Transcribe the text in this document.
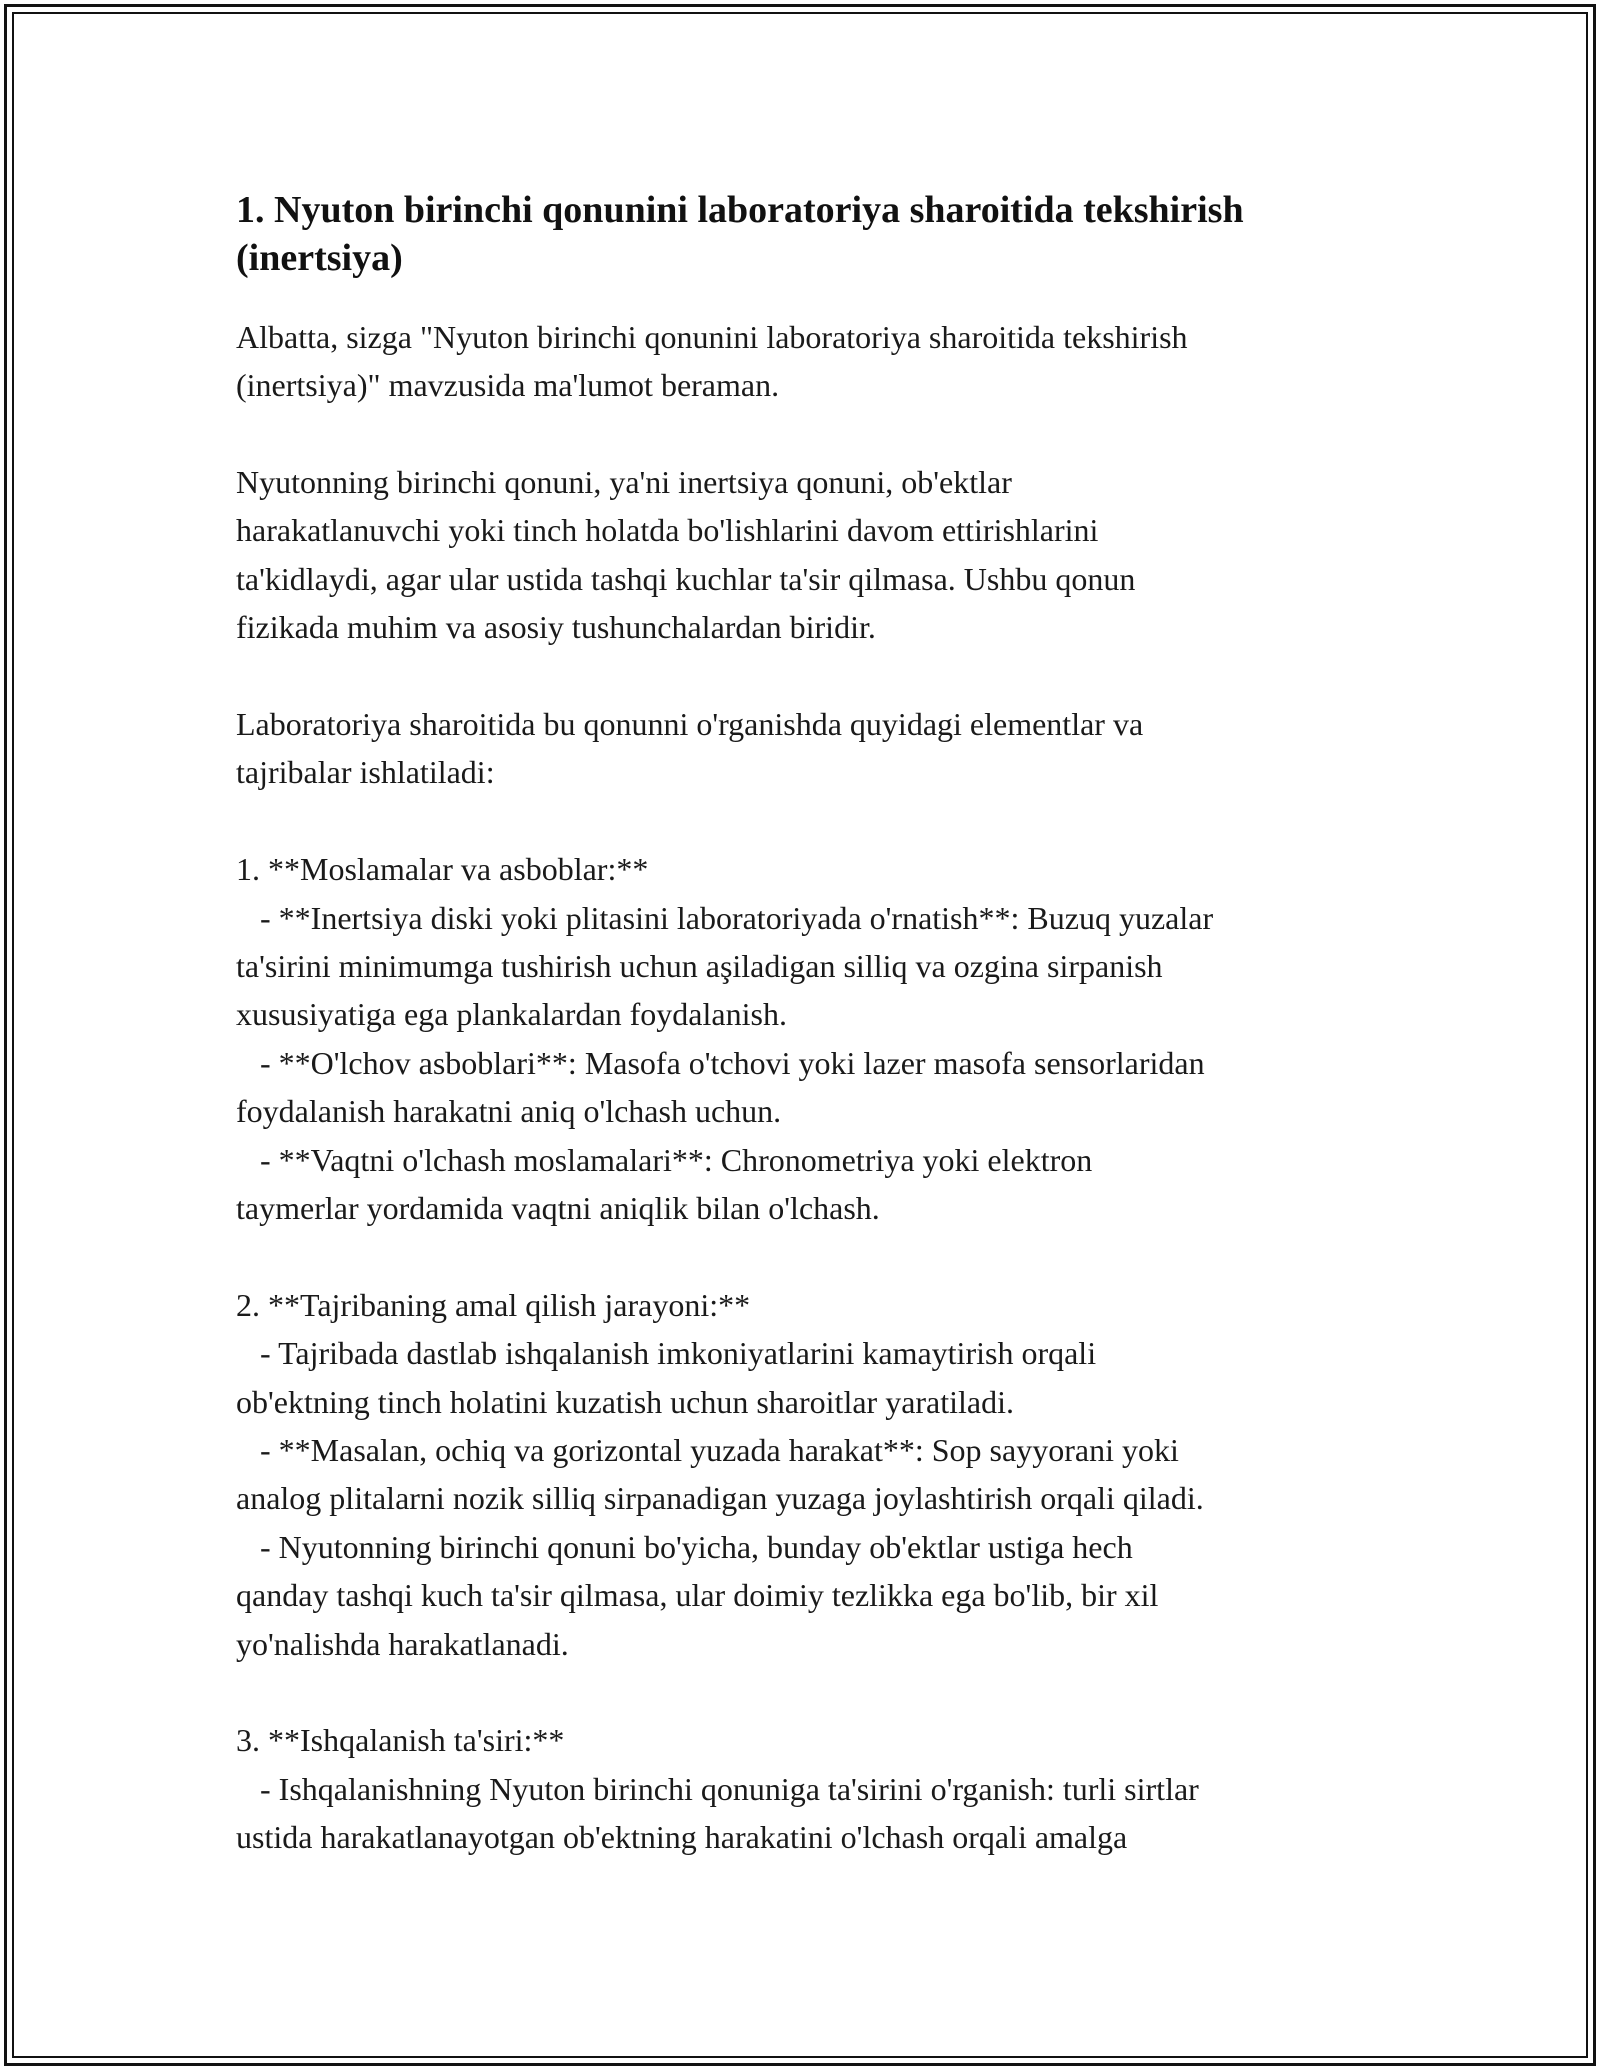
1. Nyuton birinchi qonunini laboratoriya sharoitida tekshirish
(inertsiya)
Albatta, sizga "Nyuton birinchi qonunini laboratoriya sharoitida tekshirish
(inertsiya)" mavzusida ma'lumot beraman.
Nyutonning birinchi qonuni, ya'ni inertsiya qonuni, ob'ektlar
harakatlanuvchi yoki tinch holatda bo'lishlarini davom ettirishlarini
ta'kidlaydi, agar ular ustida tashqi kuchlar ta'sir qilmasa. Ushbu qonun
fizikada muhim va asosiy tushunchalardan biridir.
Laboratoriya sharoitida bu qonunni o'rganishda quyidagi elementlar va
tajribalar ishlatiladi:
1. **Moslamalar va asboblar:**
- **Inertsiya diski yoki plitasini laboratoriyada o'rnatish**: Buzuq yuzalar
ta'sirini minimumga tushirish uchun aşiladigan silliq va ozgina sirpanish
xususiyatiga ega plankalardan foydalanish.
- **O'lchov asboblari**: Masofa o'tchovi yoki lazer masofa sensorlaridan
foydalanish harakatni aniq o'lchash uchun.
- **Vaqtni o'lchash moslamalari**: Chronometriya yoki elektron
taymerlar yordamida vaqtni aniqlik bilan o'lchash.
2. **Tajribaning amal qilish jarayoni:**
- Tajribada dastlab ishqalanish imkoniyatlarini kamaytirish orqali
ob'ektning tinch holatini kuzatish uchun sharoitlar yaratiladi.
- **Masalan, ochiq va gorizontal yuzada harakat**: Sop sayyorani yoki
analog plitalarni nozik silliq sirpanadigan yuzaga joylashtirish orqali qiladi.
- Nyutonning birinchi qonuni bo'yicha, bunday ob'ektlar ustiga hech
qanday tashqi kuch ta'sir qilmasa, ular doimiy tezlikka ega bo'lib, bir xil
yo'nalishda harakatlanadi.
3. **Ishqalanish ta'siri:**
- Ishqalanishning Nyuton birinchi qonuniga ta'sirini o'rganish: turli sirtlar
ustida harakatlanayotgan ob'ektning harakatini o'lchash orqali amalga
